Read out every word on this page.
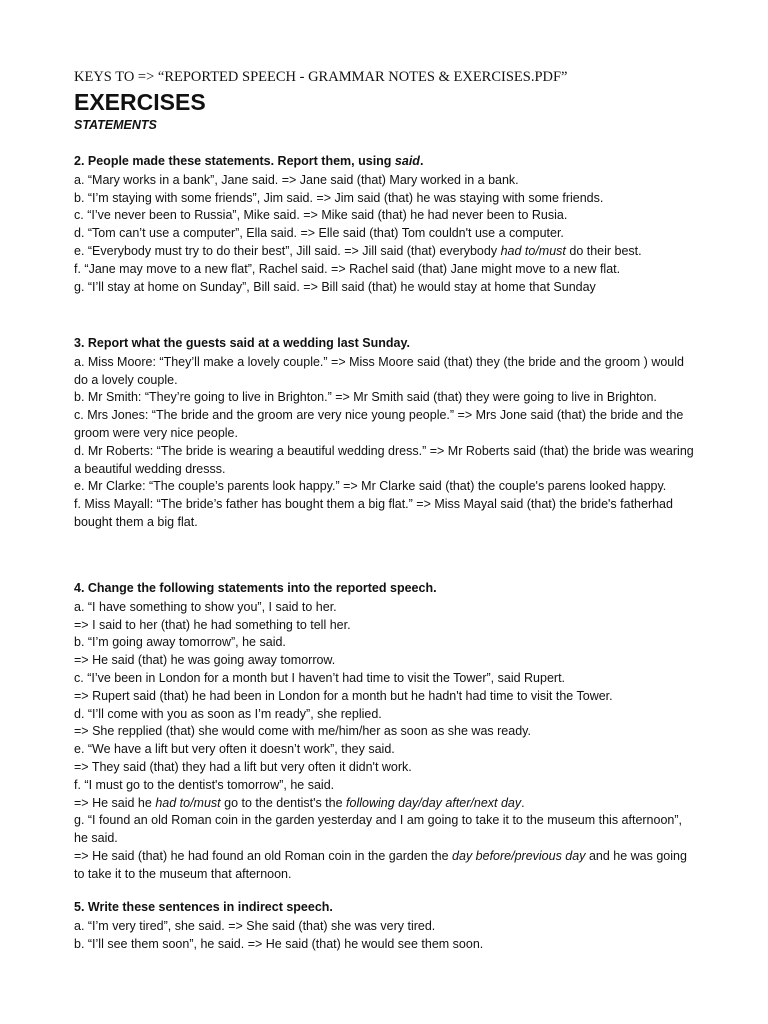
KEYS TO => “REPORTED SPEECH - GRAMMAR NOTES & EXERCISES.PDF”
EXERCISES
STATEMENTS
2. People made these statements. Report them, using said.
a. “Mary works in a bank”, Jane said. => Jane said (that) Mary worked in a bank.
b. “I’m staying with some friends”, Jim said. => Jim said (that) he was staying with some friends.
c. “I’ve never been to Russia”, Mike said. => Mike said (that) he had never been to Rusia.
d. “Tom can’t use a computer”, Ella said. => Elle said (that) Tom couldn't use a computer.
e. “Everybody must try to do their best”, Jill said. => Jill said (that) everybody had to/must do their best.
f. “Jane may move to a new flat”, Rachel said. => Rachel said (that) Jane might move to a new flat.
g. “I’ll stay at home on Sunday”, Bill said. => Bill said (that) he would stay at home that Sunday
3. Report what the guests said at a wedding last Sunday.
a. Miss Moore: “They’ll make a lovely couple.” => Miss Moore said (that) they (the bride and the groom ) would do a lovely couple.
b. Mr Smith: “They’re going to live in Brighton.” => Mr Smith said (that) they were going to live in Brighton.
c. Mrs Jones: “The bride and the groom are very nice young people.” => Mrs Jone said (that) the bride and the groom were very nice people.
d. Mr Roberts: “The bride is wearing a beautiful wedding dress.” => Mr Roberts said (that) the bride was wearing a beautiful wedding dresss.
e. Mr Clarke: “The couple’s parents look happy.” => Mr Clarke said (that) the couple's parens looked happy.
f. Miss Mayall: “The bride’s father has bought them a big flat.” => Miss Mayal said (that) the bride's fatherhad bought them a big flat.
4. Change the following statements into the reported speech.
a. “I have something to show you”, I said to her.
=> I said to her (that) he had something to tell her.
b. “I’m going away tomorrow”, he said.
=> He said (that) he was going away tomorrow.
c. “I’ve been in London for a month but I haven’t had time to visit the Tower”, said Rupert.
=> Rupert said (that) he had been in London for a month but he hadn't had time to visit the Tower.
d. “I’ll come with you as soon as I’m ready”, she replied.
=> She repplied (that) she would come with me/him/her as soon as she was ready.
e. “We have a lift but very often it doesn’t work”, they said.
=> They said (that) they had a lift but very often it didn't work.
f. “I must go to the dentist's tomorrow”, he said.
=> He said he had to/must go to the dentist's the following day/day after/next day.
g. “I found an old Roman coin in the garden yesterday and I am going to take it to the museum this afternoon”, he said.
=> He said (that) he had found an old Roman coin in the garden the day before/previous day and he was going to take it to the museum that afternoon.
5. Write these sentences in indirect speech.
a. “I’m very tired”, she said. => She said (that) she was very tired.
b. “I’ll see them soon”, he said. => He said (that) he would see them soon.
